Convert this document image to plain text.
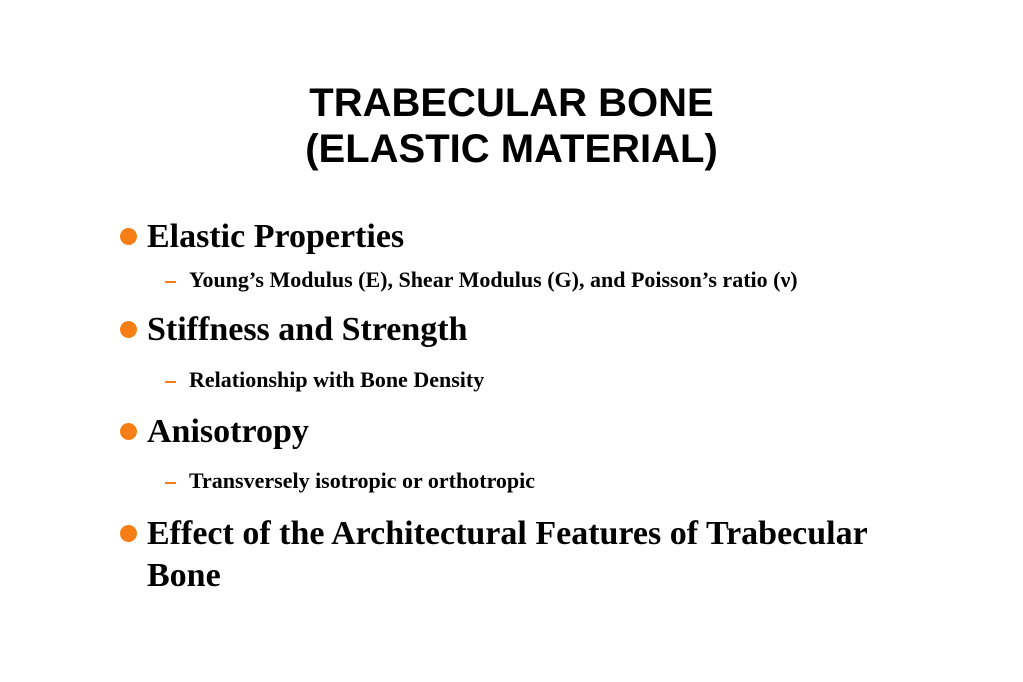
TRABECULAR BONE
(ELASTIC MATERIAL)
Elastic Properties
Young’s Modulus (E), Shear Modulus (G), and Poisson’s ratio (ν)
Stiffness and Strength
Relationship with Bone Density
Anisotropy
Transversely isotropic or orthotropic
Effect of the Architectural Features of Trabecular Bone
